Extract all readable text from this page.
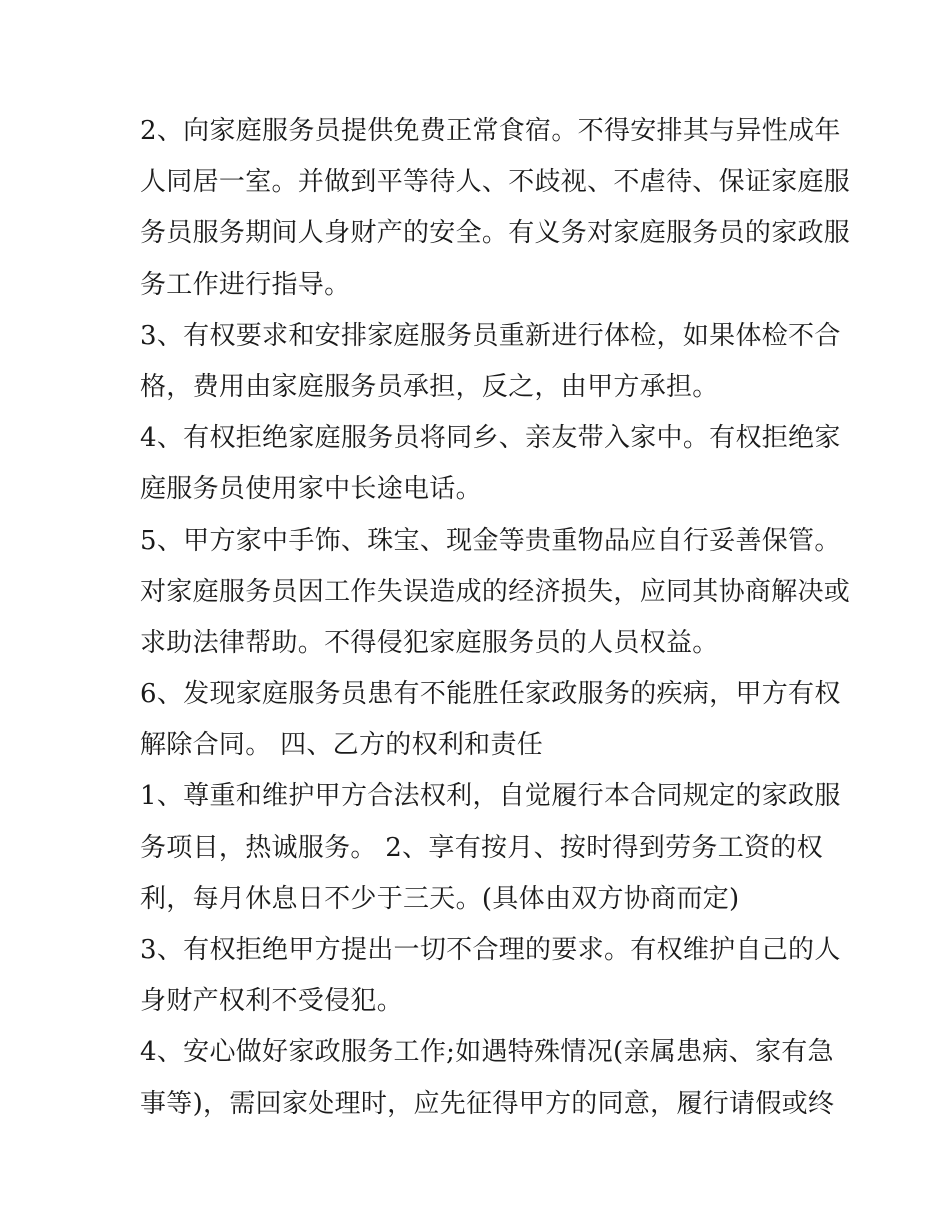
2、向家庭服务员提供免费正常食宿。不得安排其与异性成年
人同居一室。并做到平等待人、不歧视、不虐待、保证家庭服
务员服务期间人身财产的安全。有义务对家庭服务员的家政服
务工作进行指导。
3、有权要求和安排家庭服务员重新进行体检，如果体检不合
格，费用由家庭服务员承担，反之，由甲方承担。
4、有权拒绝家庭服务员将同乡、亲友带入家中。有权拒绝家
庭服务员使用家中长途电话。
5、甲方家中手饰、珠宝、现金等贵重物品应自行妥善保管。
对家庭服务员因工作失误造成的经济损失，应同其协商解决或
求助法律帮助。不得侵犯家庭服务员的人员权益。
6、发现家庭服务员患有不能胜任家政服务的疾病，甲方有权
解除合同。 四、乙方的权利和责任
1、尊重和维护甲方合法权利，自觉履行本合同规定的家政服
务项目，热诚服务。 2、享有按月、按时得到劳务工资的权
利，每月休息日不少于三天。(具体由双方协商而定)
3、有权拒绝甲方提出一切不合理的要求。有权维护自己的人
身财产权利不受侵犯。
4、安心做好家政服务工作;如遇特殊情况(亲属患病、家有急
事等)，需回家处理时，应先征得甲方的同意，履行请假或终
